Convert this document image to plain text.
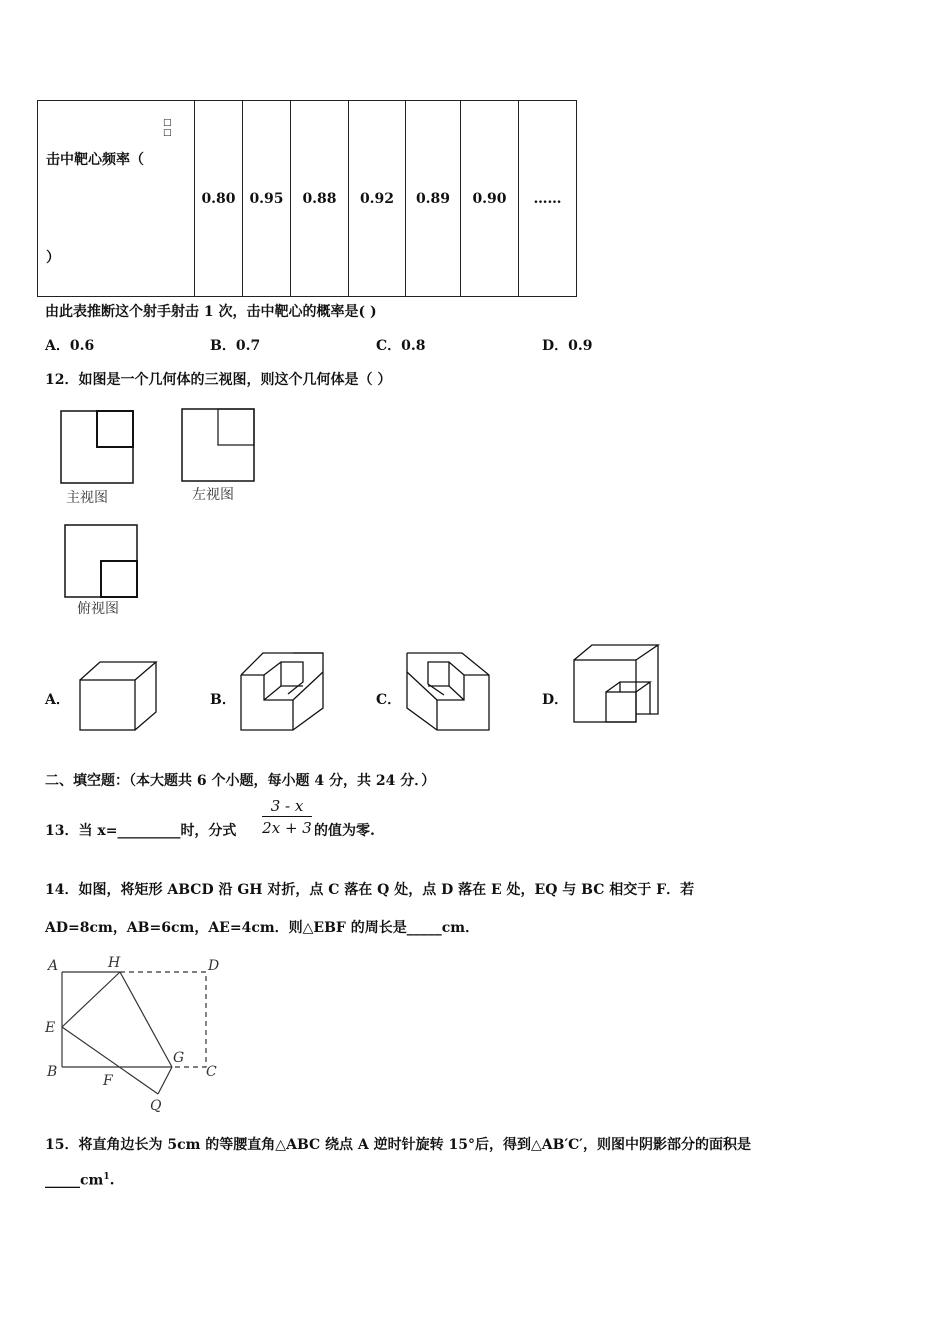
击中靶心频率（
□
□
）
	0.80	0.95	0.88	0.92	0.89	0.90	……
由此表推断这个射手射击 1 次，击中靶心的概率是( )
A．0.6	B．0.7	C．0.8	D．0.9
12．如图是一个几何体的三视图，则这个几何体是（ ）
主视图	左视图
俯视图
A．	B．	C．	D．
二、填空题：（本大题共 6 个小题，每小题 4 分，共 24 分．）
13．当 x=_________时，分式
3 - x
2x + 3 的值为零.
14．如图，将矩形 ABCD 沿 GH 对折，点 C 落在 Q 处，点 D 落在 E 处，EQ 与 BC 相交于 F．若
AD=8cm，AB=6cm，AE=4cm．则△EBF 的周长是_____cm．
A	H	D
E
G
B
F
C
Q
15．将直角边长为 5cm 的等腰直角△ABC 绕点 A 逆时针旋转 15°后，得到△AB′C′，则图中阴影部分的面积是
$\_\_\_\_\_cm^1$.
